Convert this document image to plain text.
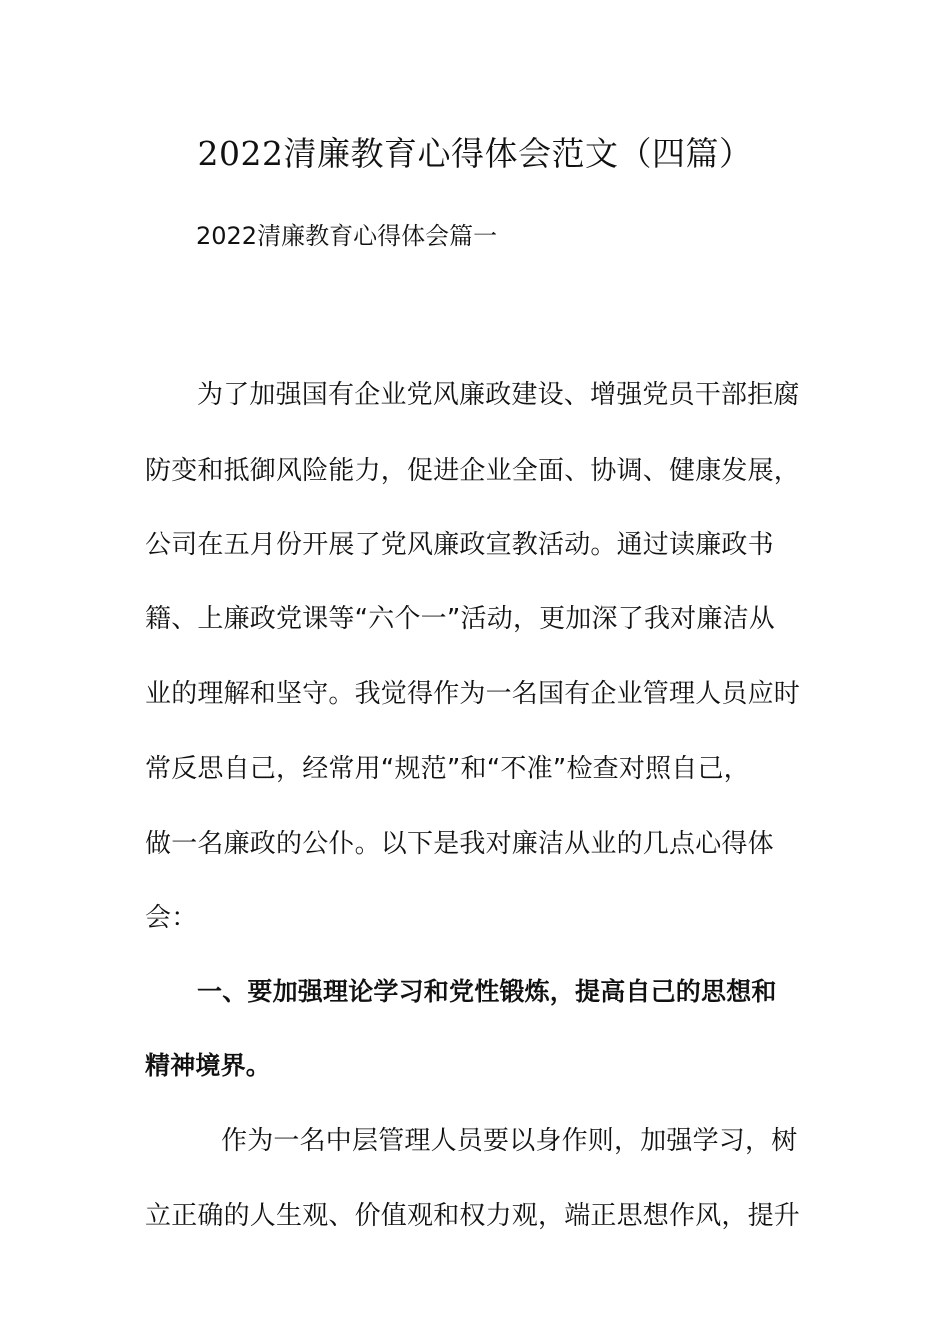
2022清廉教育心得体会范文（四篇）
2022清廉教育心得体会篇一

为了加强国有企业党风廉政建设、增强党员干部拒腐

防变和抵御风险能力，促进企业全面、协调、健康发展，

公司在五月份开展了党风廉政宣教活动。通过读廉政书

籍、上廉政党课等“六个一”活动，更加深了我对廉洁从

业的理解和坚守。我觉得作为一名国有企业管理人员应时

常反思自己，经常用“规范”和“不准”检查对照自己，

做一名廉政的公仆。以下是我对廉洁从业的几点心得体

会：

一、要加强理论学习和党性锻炼，提高自己的思想和

精神境界。

作为一名中层管理人员要以身作则，加强学习，树

立正确的人生观、价值观和权力观，端正思想作风，提升
